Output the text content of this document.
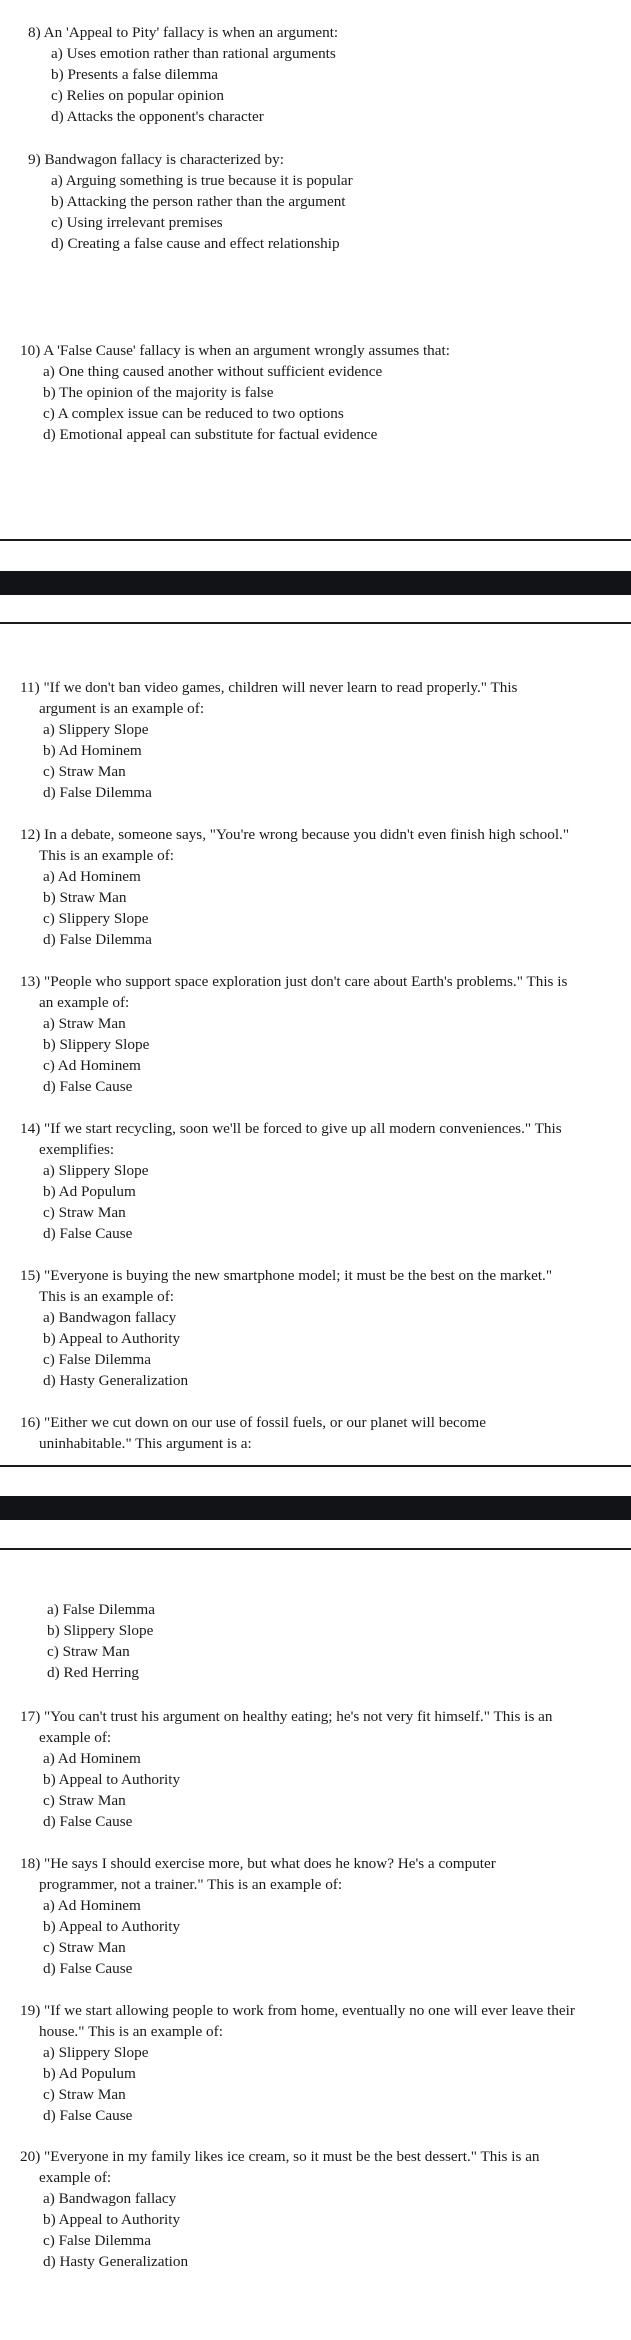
8) An 'Appeal to Pity' fallacy is when an argument:
a) Uses emotion rather than rational arguments
b) Presents a false dilemma
c) Relies on popular opinion
d) Attacks the opponent's character
9) Bandwagon fallacy is characterized by:
a) Arguing something is true because it is popular
b) Attacking the person rather than the argument
c) Using irrelevant premises
d) Creating a false cause and effect relationship
10) A 'False Cause' fallacy is when an argument wrongly assumes that:
a) One thing caused another without sufficient evidence
b) The opinion of the majority is false
c) A complex issue can be reduced to two options
d) Emotional appeal can substitute for factual evidence
11) "If we don't ban video games, children will never learn to read properly." This
argument is an example of:
a) Slippery Slope
b) Ad Hominem
c) Straw Man
d) False Dilemma
12) In a debate, someone says, "You're wrong because you didn't even finish high school."
This is an example of:
a) Ad Hominem
b) Straw Man
c) Slippery Slope
d) False Dilemma
13) "People who support space exploration just don't care about Earth's problems." This is
an example of:
a) Straw Man
b) Slippery Slope
c) Ad Hominem
d) False Cause
14) "If we start recycling, soon we'll be forced to give up all modern conveniences." This
exemplifies:
a) Slippery Slope
b) Ad Populum
c) Straw Man
d) False Cause
15) "Everyone is buying the new smartphone model; it must be the best on the market."
This is an example of:
a) Bandwagon fallacy
b) Appeal to Authority
c) False Dilemma
d) Hasty Generalization
16) "Either we cut down on our use of fossil fuels, or our planet will become
uninhabitable." This argument is a:
a) False Dilemma
b) Slippery Slope
c) Straw Man
d) Red Herring
17) "You can't trust his argument on healthy eating; he's not very fit himself." This is an
example of:
a) Ad Hominem
b) Appeal to Authority
c) Straw Man
d) False Cause
18) "He says I should exercise more, but what does he know? He's a computer
programmer, not a trainer." This is an example of:
a) Ad Hominem
b) Appeal to Authority
c) Straw Man
d) False Cause
19) "If we start allowing people to work from home, eventually no one will ever leave their
house." This is an example of:
a) Slippery Slope
b) Ad Populum
c) Straw Man
d) False Cause
20) "Everyone in my family likes ice cream, so it must be the best dessert." This is an
example of:
a) Bandwagon fallacy
b) Appeal to Authority
c) False Dilemma
d) Hasty Generalization
